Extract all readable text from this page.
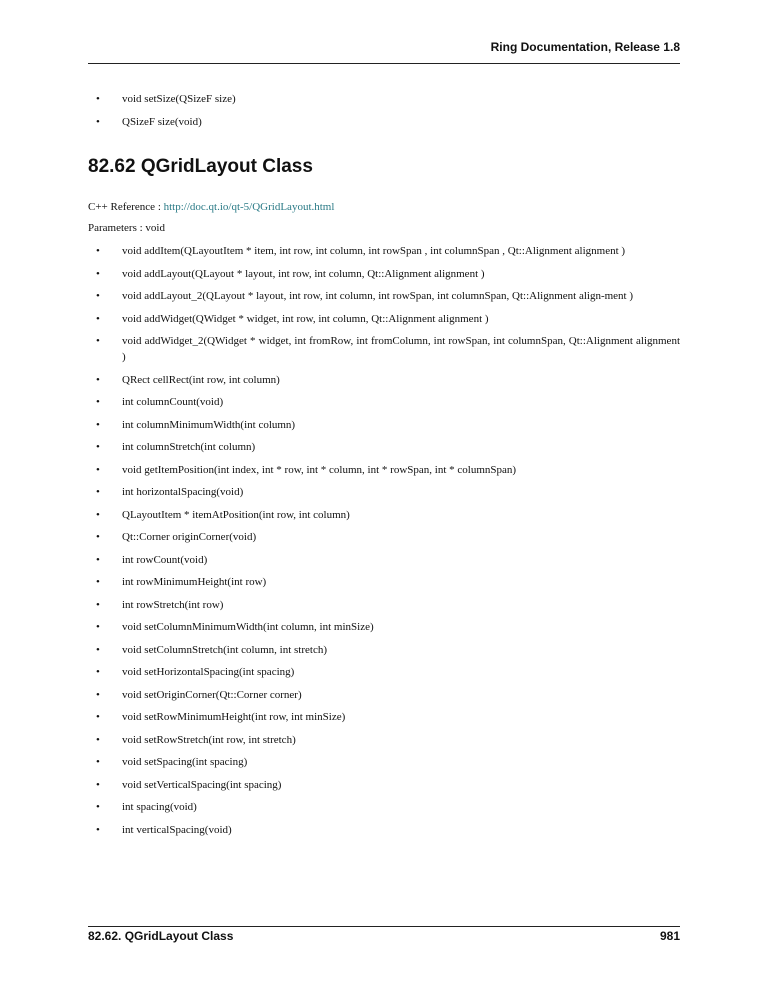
Ring Documentation, Release 1.8
•	void setSize(QSizeF size)
•	QSizeF size(void)
82.62 QGridLayout Class
C++ Reference : http://doc.qt.io/qt-5/QGridLayout.html
Parameters : void
•	void addItem(QLayoutItem * item, int row, int column, int rowSpan , int columnSpan , Qt::Alignment alignment )
•	void addLayout(QLayout * layout, int row, int column, Qt::Alignment alignment )
•	void addLayout_2(QLayout * layout, int row, int column, int rowSpan, int columnSpan, Qt::Alignment align-ment )
•	void addWidget(QWidget * widget, int row, int column, Qt::Alignment alignment )
•	void addWidget_2(QWidget * widget, int fromRow, int fromColumn, int rowSpan, int columnSpan, Qt::Alignment alignment )
•	QRect cellRect(int row, int column)
•	int columnCount(void)
•	int columnMinimumWidth(int column)
•	int columnStretch(int column)
•	void getItemPosition(int index, int * row, int * column, int * rowSpan, int * columnSpan)
•	int horizontalSpacing(void)
•	QLayoutItem * itemAtPosition(int row, int column)
•	Qt::Corner originCorner(void)
•	int rowCount(void)
•	int rowMinimumHeight(int row)
•	int rowStretch(int row)
•	void setColumnMinimumWidth(int column, int minSize)
•	void setColumnStretch(int column, int stretch)
•	void setHorizontalSpacing(int spacing)
•	void setOriginCorner(Qt::Corner corner)
•	void setRowMinimumHeight(int row, int minSize)
•	void setRowStretch(int row, int stretch)
•	void setSpacing(int spacing)
•	void setVerticalSpacing(int spacing)
•	int spacing(void)
•	int verticalSpacing(void)
82.62. QGridLayout Class	981
